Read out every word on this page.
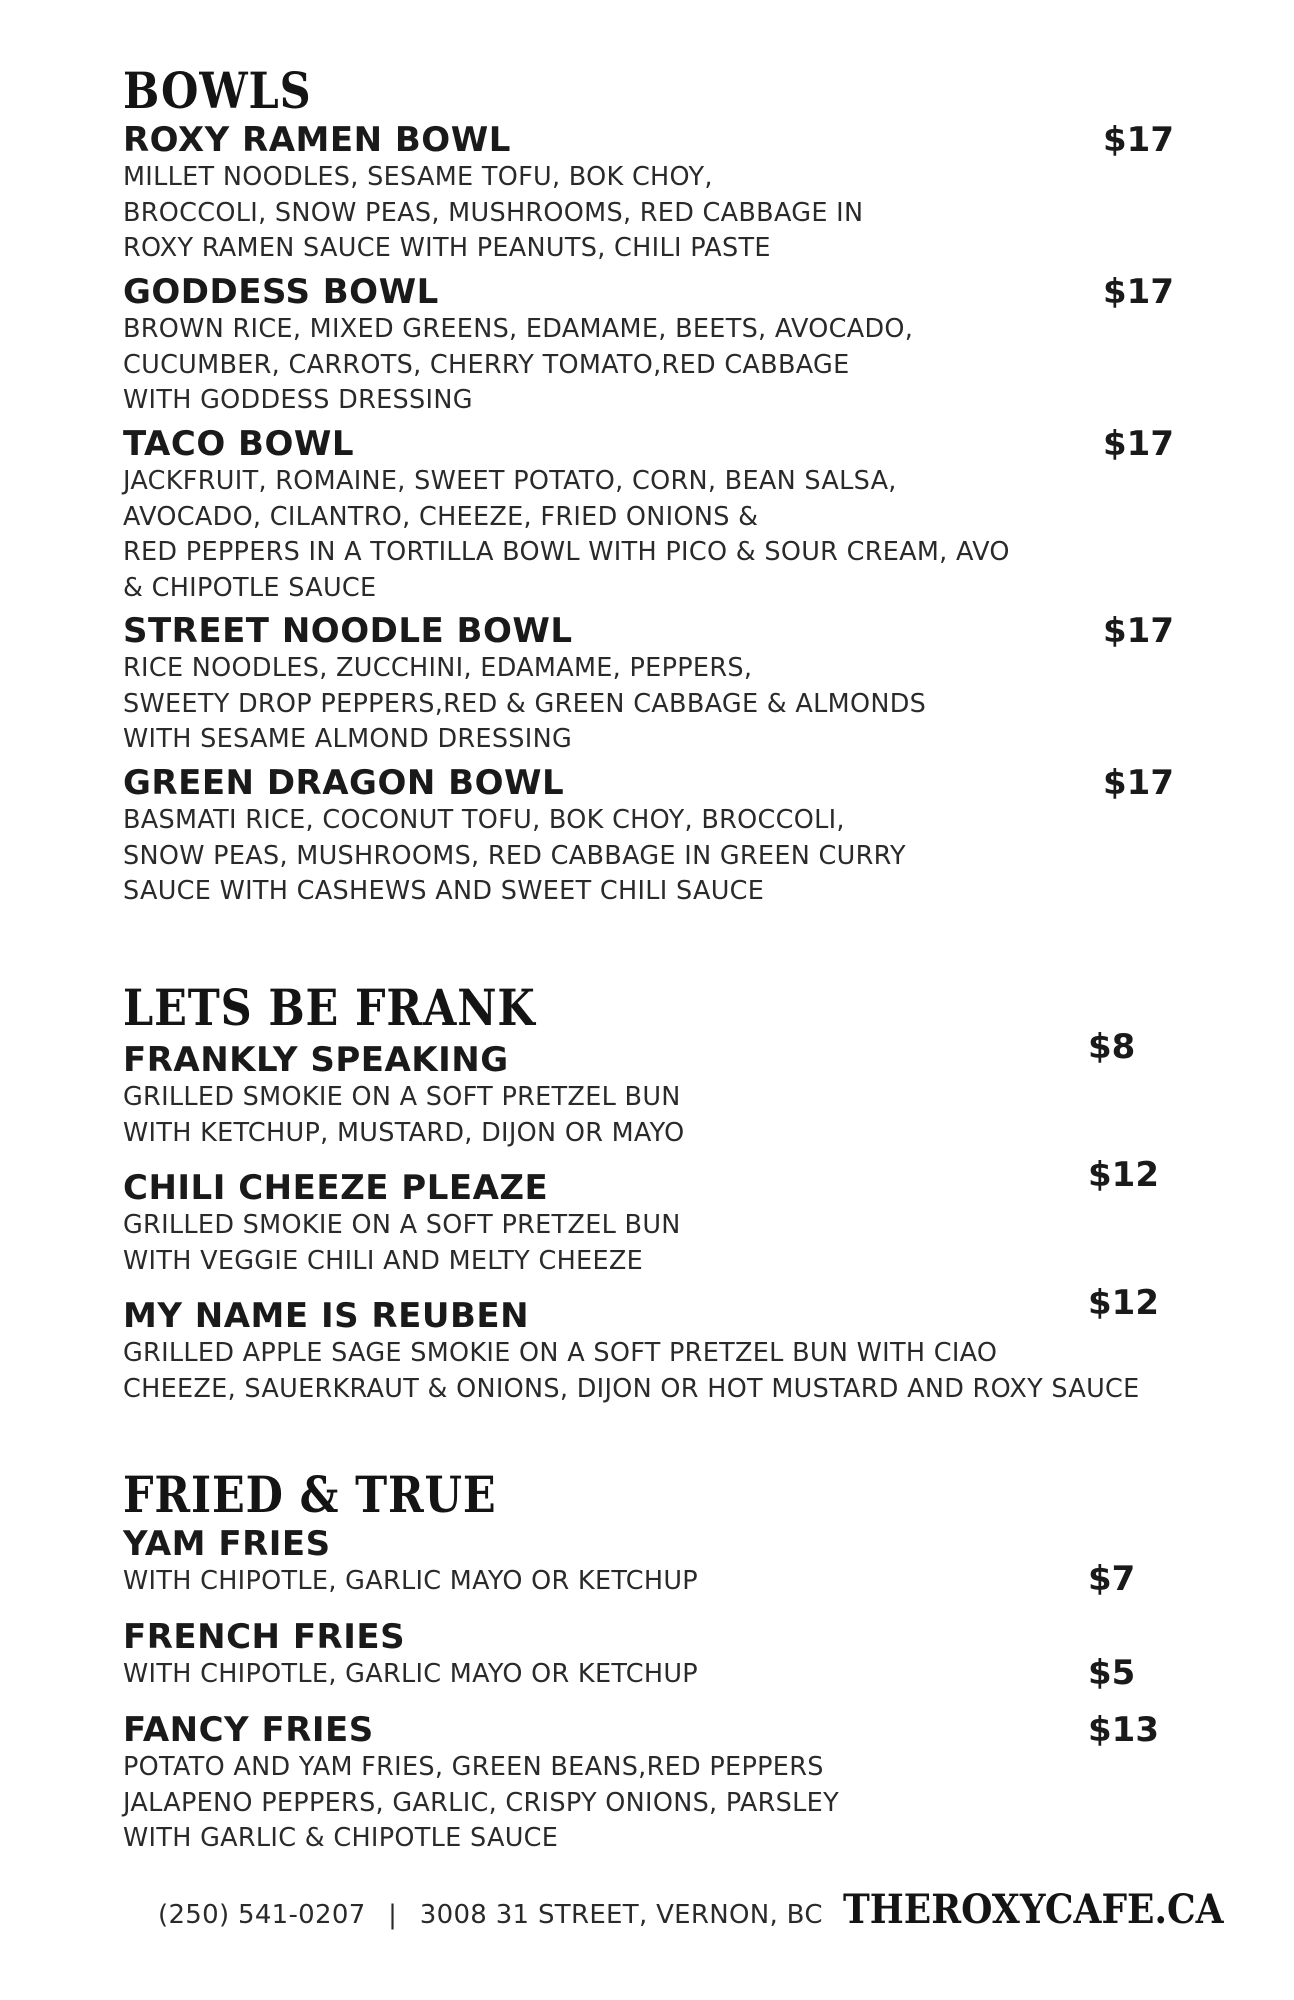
BOWLS
ROXY RAMEN BOWL
MILLET NOODLES, SESAME TOFU, BOK CHOY,
BROCCOLI, SNOW PEAS, MUSHROOMS, RED CABBAGE IN
ROXY RAMEN SAUCE WITH PEANUTS, CHILI PASTE
$17
GODDESS BOWL
BROWN RICE, MIXED GREENS, EDAMAME, BEETS, AVOCADO,
CUCUMBER, CARROTS, CHERRY TOMATO,RED CABBAGE
WITH GODDESS DRESSING
$17
TACO BOWL
JACKFRUIT, ROMAINE, SWEET POTATO, CORN, BEAN SALSA,
AVOCADO, CILANTRO, CHEEZE, FRIED ONIONS &
RED PEPPERS IN A TORTILLA BOWL WITH PICO & SOUR CREAM, AVO
& CHIPOTLE SAUCE
$17
STREET NOODLE BOWL
RICE NOODLES, ZUCCHINI, EDAMAME, PEPPERS,
SWEETY DROP PEPPERS,RED & GREEN CABBAGE & ALMONDS
WITH SESAME ALMOND DRESSING
$17
GREEN DRAGON BOWL
BASMATI RICE, COCONUT TOFU, BOK CHOY, BROCCOLI,
SNOW PEAS, MUSHROOMS, RED CABBAGE IN GREEN CURRY
SAUCE WITH CASHEWS AND SWEET CHILI SAUCE
$17
LETS BE FRANK
FRANKLY SPEAKING
GRILLED SMOKIE ON A SOFT PRETZEL BUN
WITH KETCHUP, MUSTARD, DIJON OR MAYO
$8
CHILI CHEEZE PLEAZE
GRILLED SMOKIE ON A SOFT PRETZEL BUN
WITH VEGGIE CHILI AND MELTY CHEEZE
$12
MY NAME IS REUBEN
GRILLED APPLE SAGE SMOKIE ON A SOFT PRETZEL BUN WITH CIAO
CHEEZE, SAUERKRAUT & ONIONS, DIJON OR HOT MUSTARD AND ROXY SAUCE
$12
FRIED & TRUE
YAM FRIES
WITH CHIPOTLE, GARLIC MAYO OR KETCHUP	$7
FRENCH FRIES
WITH CHIPOTLE, GARLIC MAYO OR KETCHUP	$5
FANCY FRIES
POTATO AND YAM FRIES, GREEN BEANS,RED PEPPERS
JALAPENO PEPPERS, GARLIC, CRISPY ONIONS, PARSLEY
WITH GARLIC & CHIPOTLE SAUCE
$13
(250) 541-0207 | 3008 31 STREET, VERNON, BC THEROXYCAFE.CA
